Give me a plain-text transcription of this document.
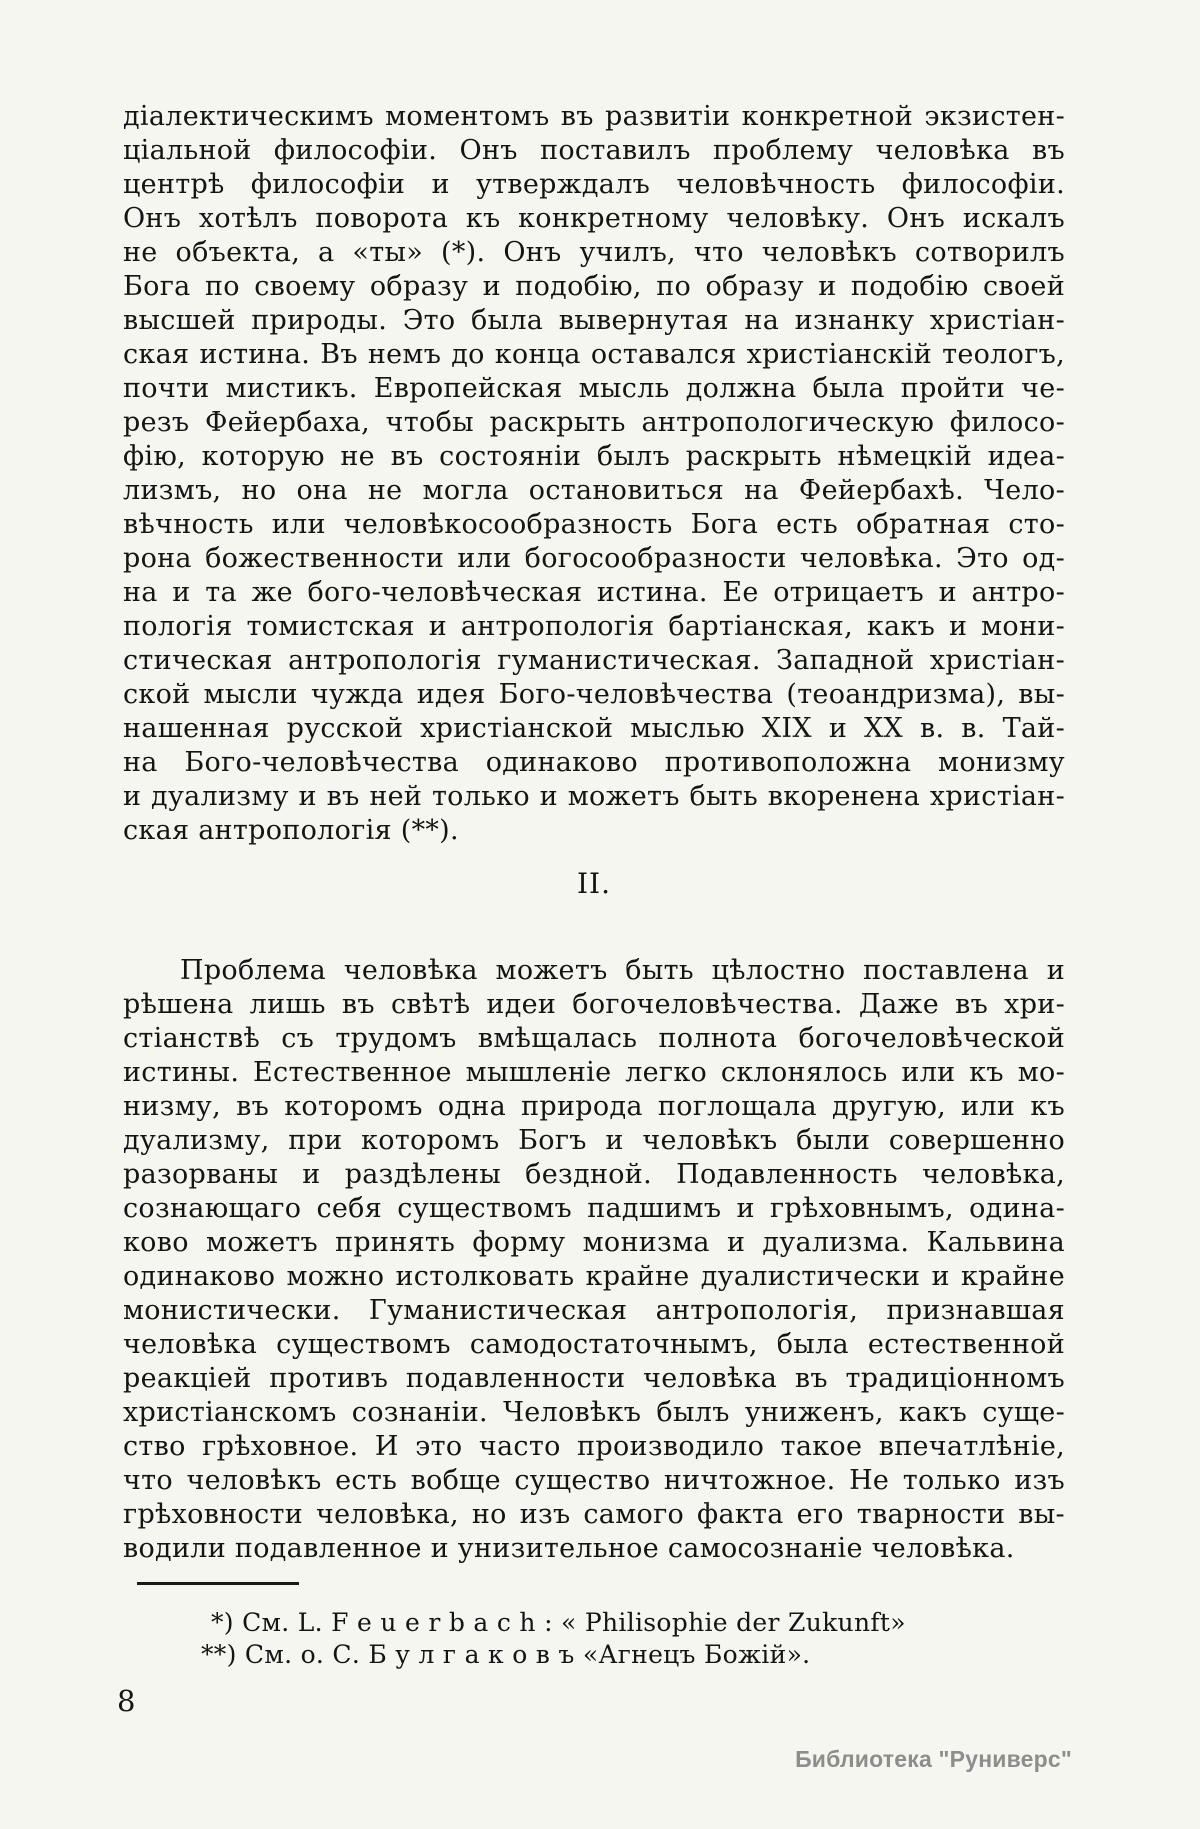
діалектическимъ моментомъ въ развитіи конкретной экзистен-
ціальной философіи. Онъ поставилъ проблему человѣка въ
центрѣ философіи и утверждалъ человѣчность философіи.
Онъ хотѣлъ поворота къ конкретному человѣку. Онъ искалъ
не объекта, а «ты» (*). Онъ училъ, что человѣкъ сотворилъ
Бога по своему образу и подобію, по образу и подобію своей
высшей природы. Это была вывернутая на изнанку христіан-
ская истина. Въ немъ до конца оставался христіанскій теологъ,
почти мистикъ. Европейская мысль должна была пройти че-
резъ Фейербаха, чтобы раскрыть антропологическую филосо-
фію, которую не въ состояніи былъ раскрыть нѣмецкій идеа-
лизмъ, но она не могла остановиться на Фейербахѣ. Чело-
вѣчность или человѣкосообразность Бога есть обратная сто-
рона божественности или богосообразности человѣка. Это од-
на и та же бого-человѣческая истина. Ее отрицаетъ и антро-
пологія томистская и антропологія бартіанская, какъ и мони-
стическая антропологія гуманистическая. Западной христіан-
ской мысли чужда идея Бого-человѣчества (теоандризма), вы-
нашенная русской христіанской мыслью XIX и XX в. в. Тай-
на Бого-человѣчества одинаково противоположна монизму
и дуализму и въ ней только и можетъ быть вкоренена христіан-
ская антропологія (**).
II.
Проблема человѣка можетъ быть цѣлостно поставлена и
рѣшена лишь въ свѣтѣ идеи богочеловѣчества. Даже въ хри-
стіанствѣ съ трудомъ вмѣщалась полнота богочеловѣческой
истины. Естественное мышленіе легко склонялось или къ мо-
низму, въ которомъ одна природа поглощала другую, или къ
дуализму, при которомъ Богъ и человѣкъ были совершенно
разорваны и раздѣлены бездной. Подавленность человѣка,
сознающаго себя существомъ падшимъ и грѣховнымъ, одина-
ково можетъ принять форму монизма и дуализма. Кальвина
одинаково можно истолковать крайне дуалистически и крайне
монистически. Гуманистическая антропологія, признавшая
человѣка существомъ самодостаточнымъ, была естественной
реакціей противъ подавленности человѣка въ традиціонномъ
христіанскомъ сознаніи. Человѣкъ былъ униженъ, какъ суще-
ство грѣховное. И это часто производило такое впечатлѣніе,
что человѣкъ есть вобще существо ничтожное. Не только изъ
грѣховности человѣка, но изъ самого факта его тварности вы-
водили подавленное и унизительное самосознаніе человѣка.
*) См. L. F e u e r b a c h : « Philisophie der Zukunft»
**) См. о. С. Б у л г а к о в ъ «Агнецъ Божій».
8
Библиотека "Руниверс"
